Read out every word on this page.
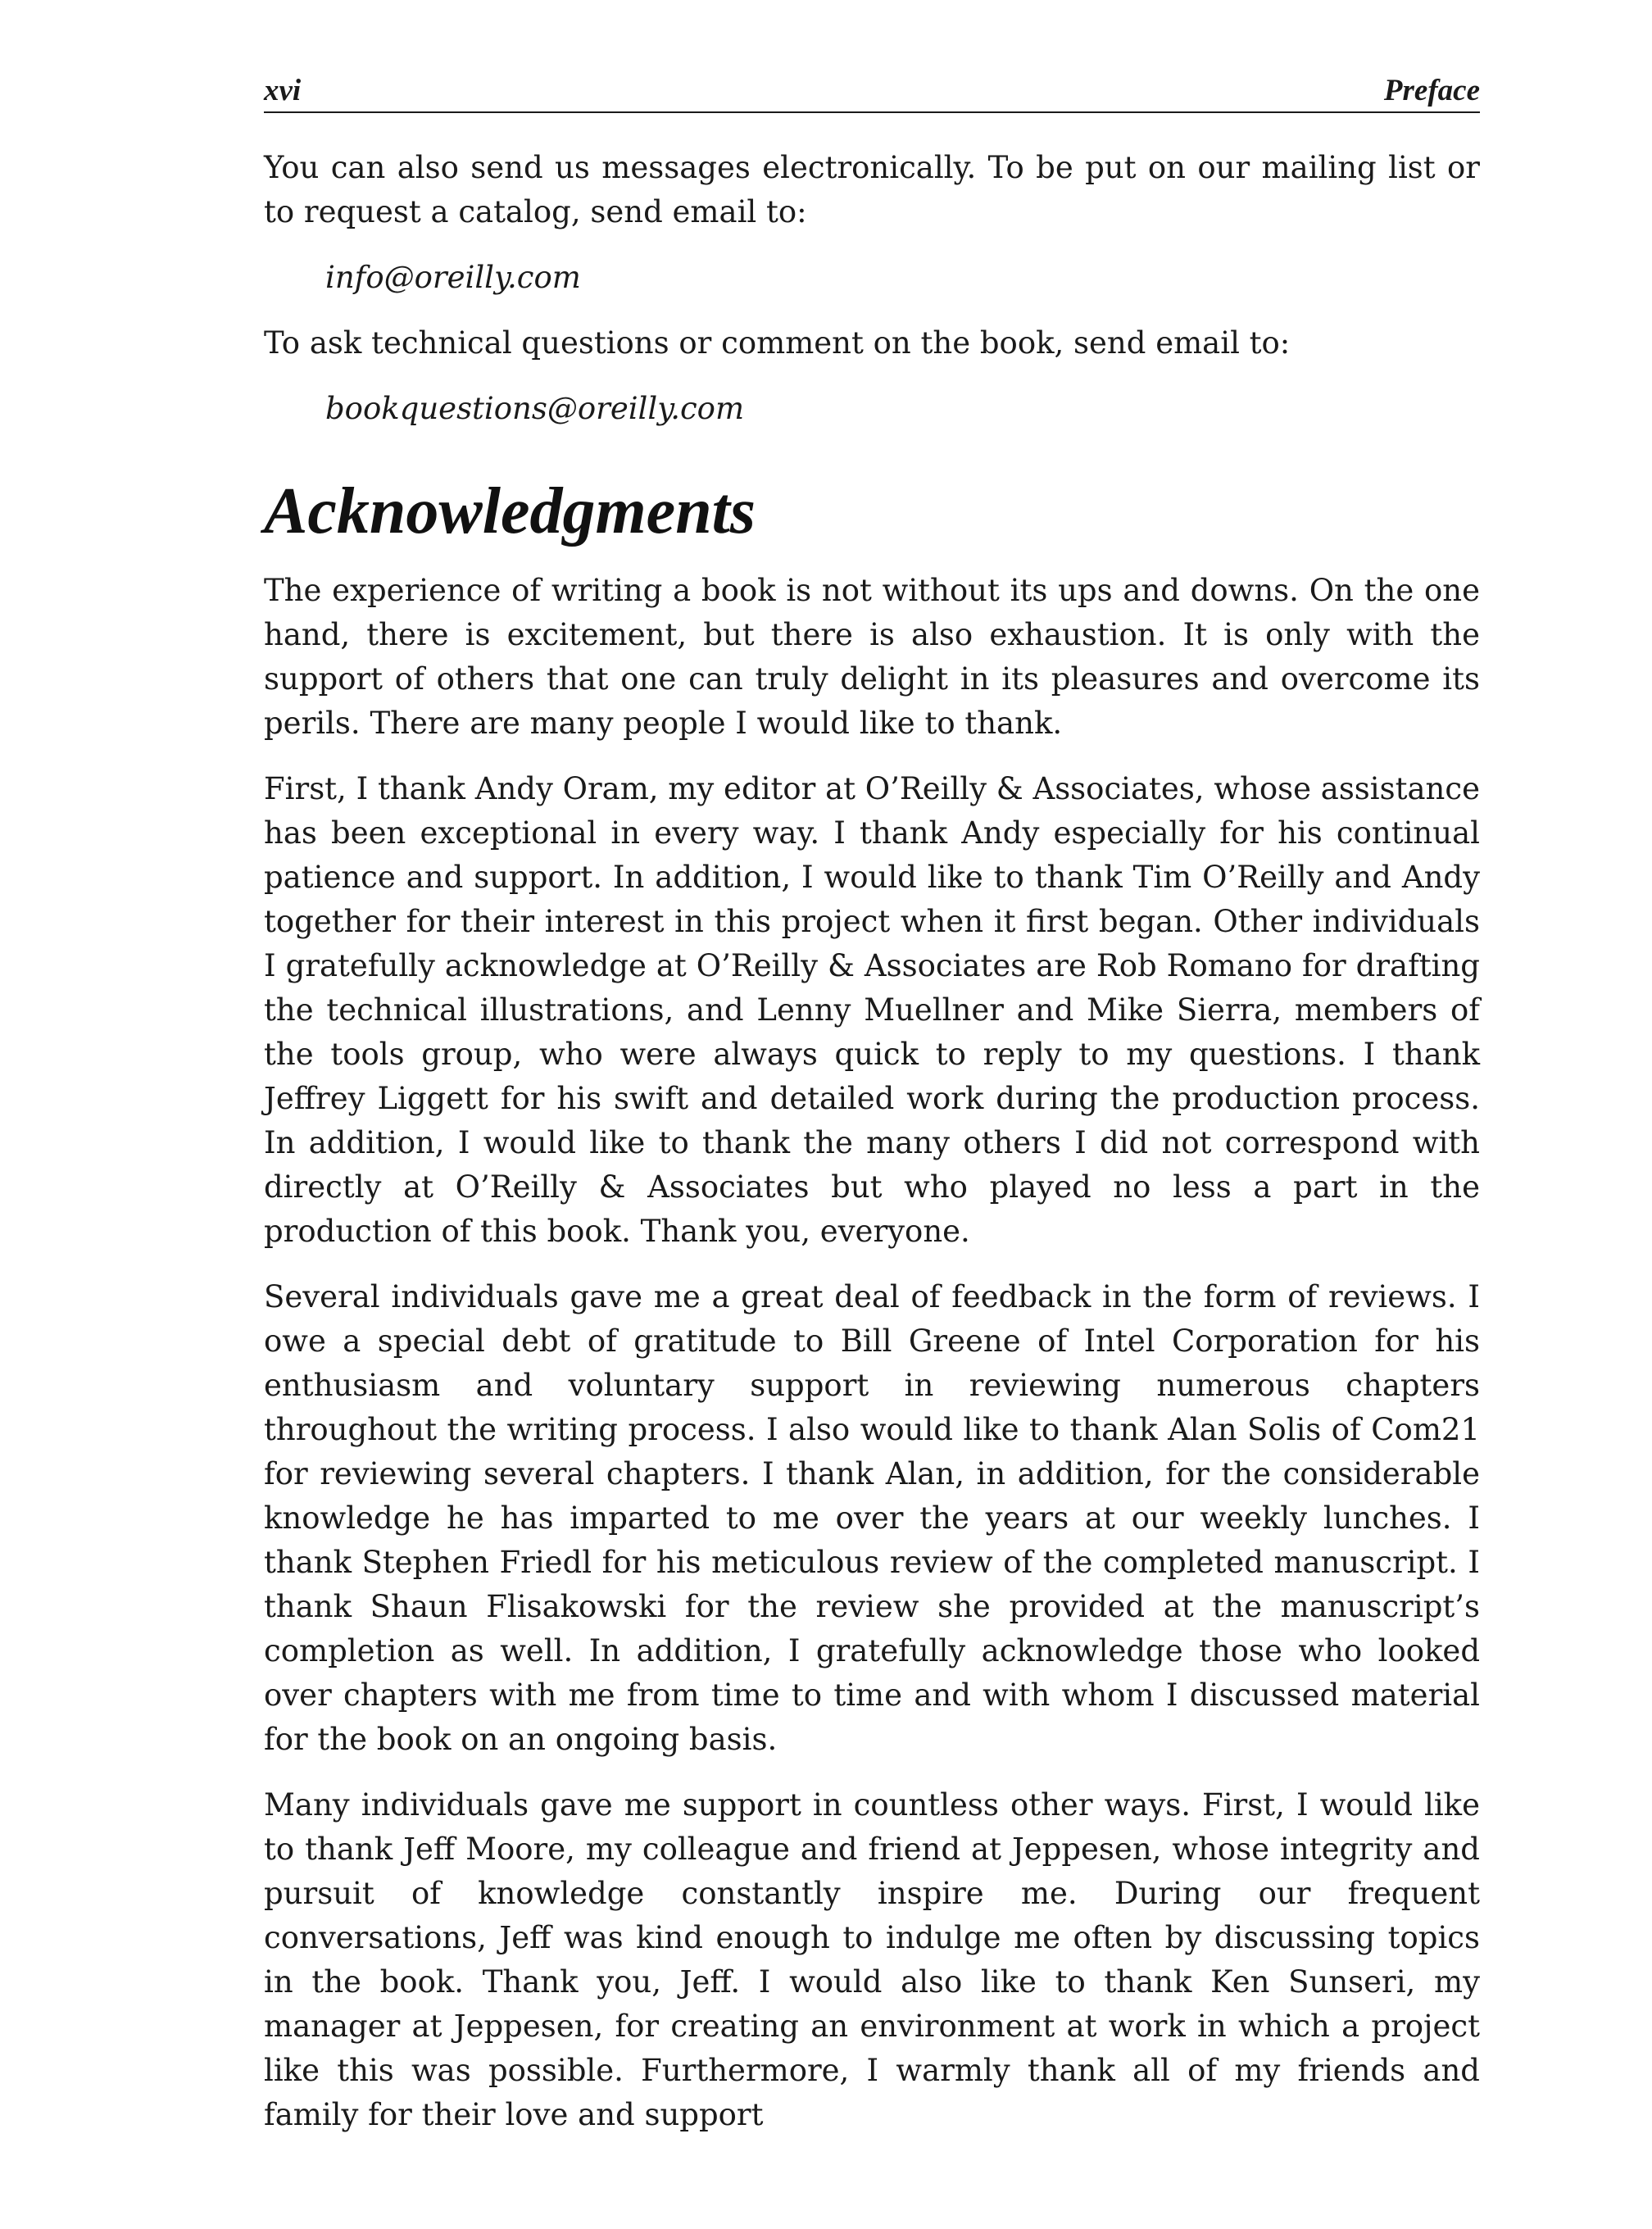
xvi	Preface

You can also send us messages electronically. To be put on our mailing list or to request a catalog, send email to:

info@oreilly.com

To ask technical questions or comment on the book, send email to:

bookquestions@oreilly.com

Acknowledgments

The experience of writing a book is not without its ups and downs. On the one hand, there is excitement, but there is also exhaustion. It is only with the support of others that one can truly delight in its pleasures and overcome its perils. There are many people I would like to thank.

First, I thank Andy Oram, my editor at O’Reilly & Associates, whose assistance has been exceptional in every way. I thank Andy especially for his continual patience and support. In addition, I would like to thank Tim O’Reilly and Andy together for their interest in this project when it first began. Other individuals I gratefully acknowledge at O’Reilly & Associates are Rob Romano for drafting the technical illustrations, and Lenny Muellner and Mike Sierra, members of the tools group, who were always quick to reply to my questions. I thank Jeffrey Liggett for his swift and detailed work during the production process. In addition, I would like to thank the many others I did not correspond with directly at O’Reilly & Associates but who played no less a part in the production of this book. Thank you, everyone.

Several individuals gave me a great deal of feedback in the form of reviews. I owe a special debt of gratitude to Bill Greene of Intel Corporation for his enthusiasm and voluntary support in reviewing numerous chapters throughout the writing process. I also would like to thank Alan Solis of Com21 for reviewing several chapters. I thank Alan, in addition, for the considerable knowledge he has imparted to me over the years at our weekly lunches. I thank Stephen Friedl for his meticulous review of the completed manuscript. I thank Shaun Flisakowski for the review she provided at the manuscript’s completion as well. In addition, I gratefully acknowledge those who looked over chapters with me from time to time and with whom I discussed material for the book on an ongoing basis.

Many individuals gave me support in countless other ways. First, I would like to thank Jeff Moore, my colleague and friend at Jeppesen, whose integrity and pursuit of knowledge constantly inspire me. During our frequent conversations, Jeff was kind enough to indulge me often by discussing topics in the book. Thank you, Jeff. I would also like to thank Ken Sunseri, my manager at Jeppesen, for creating an environment at work in which a project like this was possible. Furthermore, I warmly thank all of my friends and family for their love and support
